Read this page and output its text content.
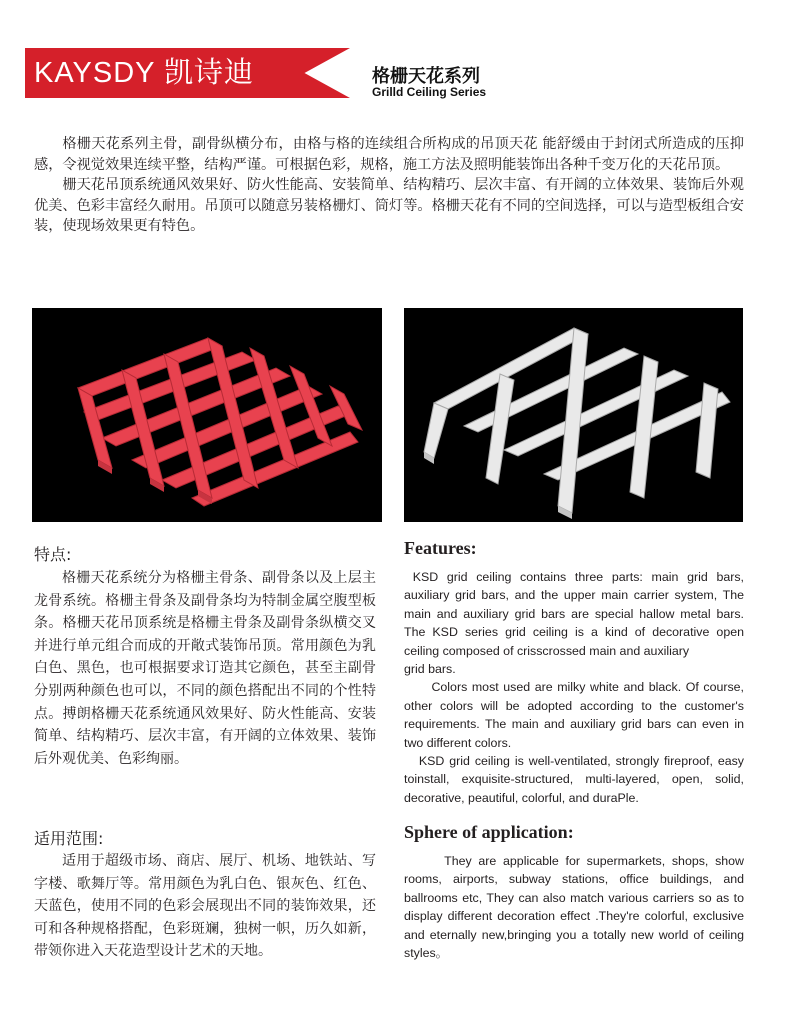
KAYSDY 凯诗迪	格栅天花系列
Grilld Ceiling Series

格栅天花系列主骨，副骨纵横分布，由格与格的连续组合所构成的吊顶天花 能舒缓由于封闭式所造成的压抑感，令视觉效果连续平整，结构严谨。可根据色彩，规格，施工方法及照明能装饰出各种千变万化的天花吊顶。

栅天花吊顶系统通风效果好、防火性能高、安装简单、结构精巧、层次丰富、有开阔的立体效果、装饰后外观优美、色彩丰富经久耐用。吊顶可以随意另装格栅灯、筒灯等。格栅天花有不同的空间选择，可以与造型板组合安装，使现场效果更有特色。

特点:

格栅天花系统分为格栅主骨条、副骨条以及上层主龙骨系统。格栅主骨条及副骨条均为特制金属空腹型板条。格栅天花吊顶系统是格栅主骨条及副骨条纵横交叉并进行单元组合而成的开敞式装饰吊顶。常用颜色为乳白色、黑色，也可根据要求订造其它颜色，甚至主副骨分别两种颜色也可以，不同的颜色搭配出不同的个性特点。搏朗格栅天花系统通风效果好、防火性能高、安装简单、结构精巧、层次丰富，有开阔的立体效果、装饰后外观优美、色彩绚丽。

Features:

KSD grid ceiling contains three parts: main grid bars, auxiliary grid bars, and the upper main carrier system, The main and auxiliary grid bars are special hallow metal bars. The KSD series grid ceiling is a kind of decorative open ceiling composed of crisscrossed main and auxiliary

grid bars.

Colors most used are milky white and black. Of course, other colors will be adopted according to the customer's requirements. The main and auxiliary grid bars can even in two different colors.

KSD grid ceiling is well-ventilated, strongly fireproof, easy toinstall, exquisite-structured, multi-layered, open, solid, decorative, peautiful, colorful, and duraPle.

适用范围:

适用于超级市场、商店、展厅、机场、地铁站、写字楼、歌舞厅等。常用颜色为乳白色、银灰色、红色、天蓝色，使用不同的色彩会展现出不同的装饰效果，还可和各种规格搭配，色彩斑斓，独树一帜，历久如新，带领你进入天花造型设计艺术的天地。

Sphere of application:

They are applicable for supermarkets, shops, show rooms, airports, subway stations, office buildings, and ballrooms etc, They can also match various carriers so as to display different decoration effect .They're colorful, exclusive and eternally new,bringing you a totally new world of ceiling styles。
